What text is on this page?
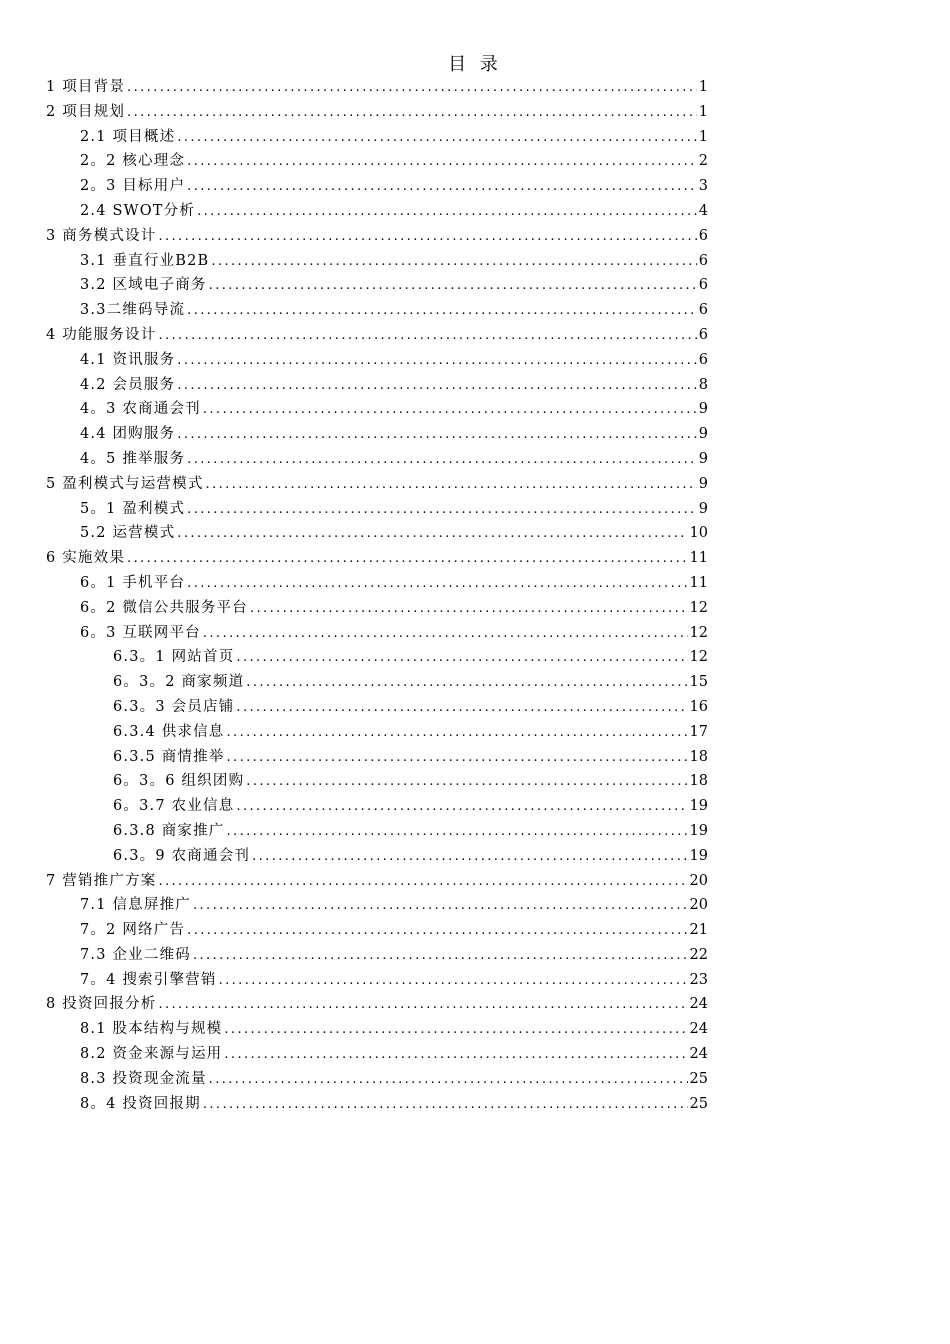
目 录
1 项目背景 .....	1
2 项目规划 .....	1
2.1 项目概述 .....	1
2。2 核心理念 .....	2
2。3 目标用户 .....	3
2.4 SWOT分析 .....	4
3 商务模式设计 .....	6
3.1 垂直行业B2B .....	6
3.2 区域电子商务 .....	6
3.3二维码导流 .....	6
4 功能服务设计 .....	6
4.1 资讯服务 .....	6
4.2 会员服务 .....	8
4。3 农商通会刊 .....	9
4.4 团购服务 .....	9
4。5 推举服务 .....	9
5 盈利模式与运营模式 .....	9
5。1 盈利模式 .....	9
5.2 运营模式 .....	10
6 实施效果 .....	11
6。1 手机平台 .....	11
6。2 微信公共服务平台 .....	12
6。3 互联网平台 .....	12
6.3。1 网站首页 .....	12
6。3。2 商家频道 .....	15
6.3。3 会员店铺 .....	16
6.3.4 供求信息 .....	17
6.3.5 商情推举 .....	18
6。3。6 组织团购 .....	18
6。3.7 农业信息 .....	19
6.3.8 商家推广 .....	19
6.3。9 农商通会刊 .....	19
7 营销推广方案 .....	20
7.1 信息屏推广 .....	20
7。2 网络广告 .....	21
7.3 企业二维码 .....	22
7。4 搜索引擎营销 .....	23
8 投资回报分析 .....	24
8.1 股本结构与规模 .....	24
8.2 资金来源与运用 .....	24
8.3 投资现金流量 .....	25
8。4 投资回报期 .....	25
